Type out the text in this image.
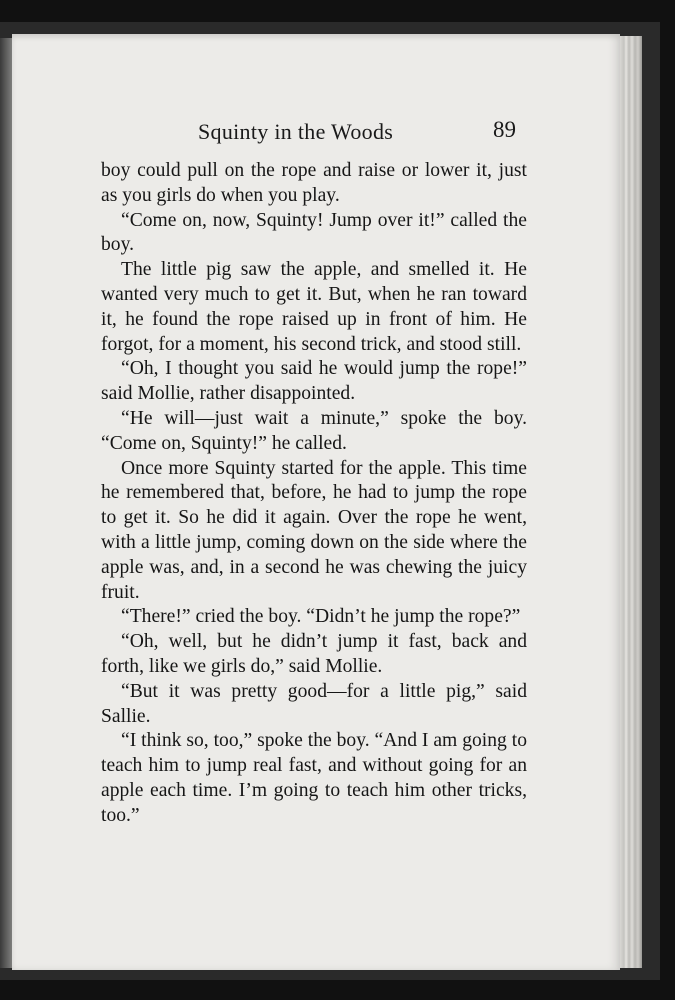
Squinty in the Woods	89

boy could pull on the rope and raise or lower it, just as you girls do when you play.

“Come on, now, Squinty! Jump over it!” called the boy.

The little pig saw the apple, and smelled it. He wanted very much to get it. But, when he ran toward it, he found the rope raised up in front of him. He forgot, for a moment, his second trick, and stood still.

“Oh, I thought you said he would jump the rope!” said Mollie, rather disappointed.

“He will—just wait a minute,” spoke the boy. “Come on, Squinty!” he called.

Once more Squinty started for the apple. This time he remembered that, before, he had to jump the rope to get it. So he did it again. Over the rope he went, with a little jump, coming down on the side where the apple was, and, in a second he was chewing the juicy fruit.

“There!” cried the boy. “Didn’t he jump the rope?”

“Oh, well, but he didn’t jump it fast, back and forth, like we girls do,” said Mollie.

“But it was pretty good—for a little pig,” said Sallie.

“I think so, too,” spoke the boy. “And I am going to teach him to jump real fast, and without going for an apple each time. I’m going to teach him other tricks, too.”
